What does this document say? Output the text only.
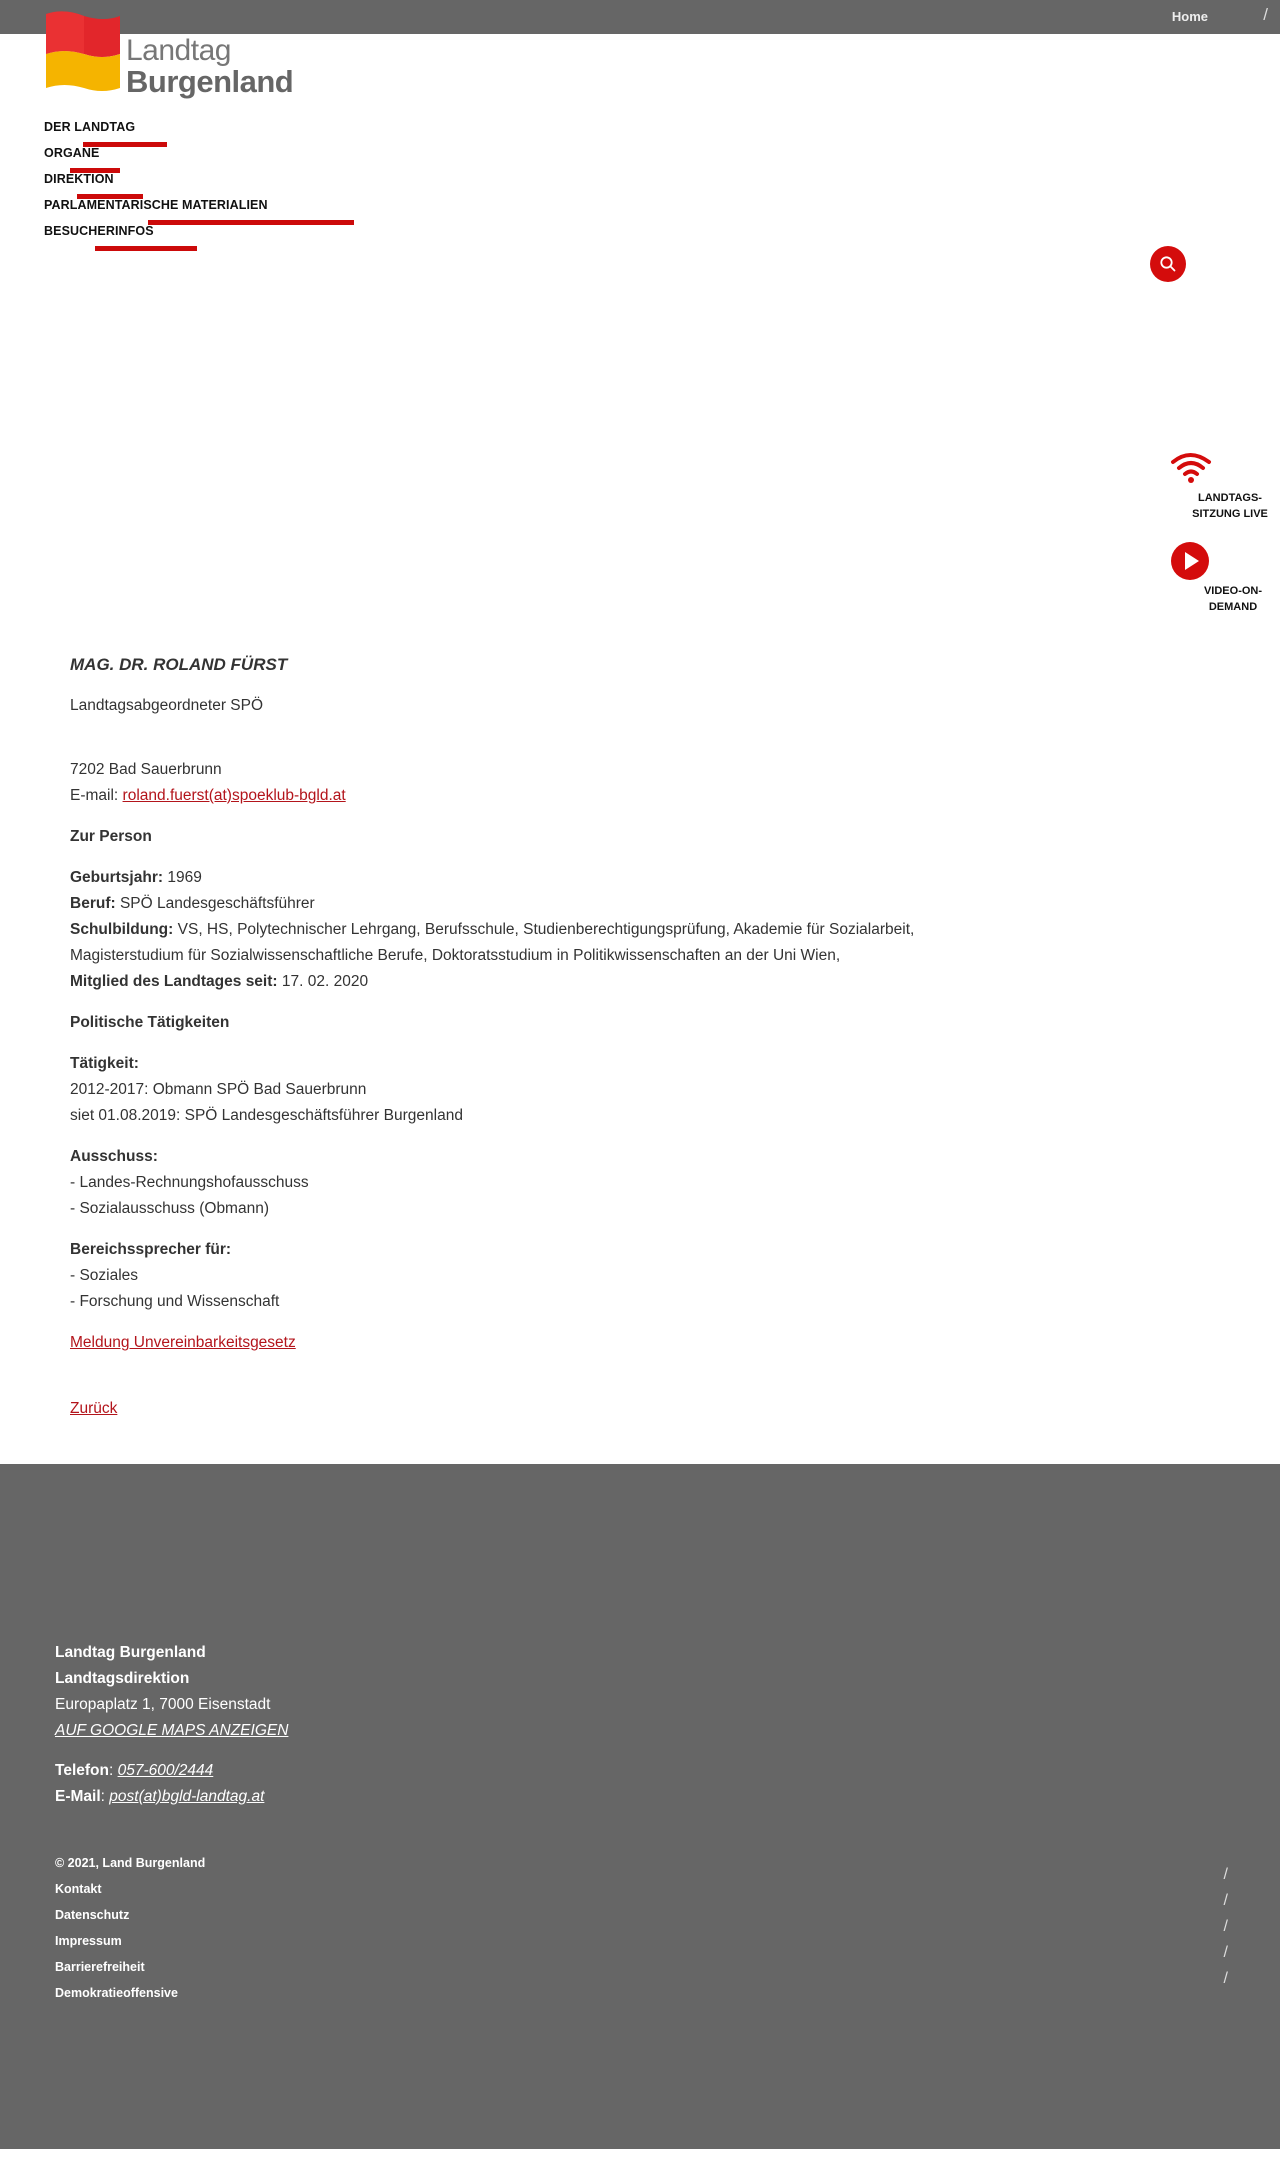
Home	/
Landtag
Burgenland
DER LANDTAG
ORGANE
DIREKTION
PARLAMENTARISCHE MATERIALIEN
BESUCHERINFOS
LANDTAGS-
SITZUNG LIVE
VIDEO-ON-
DEMAND

MAG. DR. ROLAND FÜRST

Landtagsabgeordneter SPÖ

7202 Bad Sauerbrunn
E-mail: roland.fuerst(at)spoeklub-bgld.at

Zur Person

Geburtsjahr: 1969
Beruf: SPÖ Landesgeschäftsführer
Schulbildung: VS, HS, Polytechnischer Lehrgang, Berufsschule, Studienberechtigungsprüfung, Akademie für Sozialarbeit,
Magisterstudium für Sozialwissenschaftliche Berufe, Doktoratsstudium in Politikwissenschaften an der Uni Wien,
Mitglied des Landtages seit: 17. 02. 2020

Politische Tätigkeiten

Tätigkeit:
2012-2017: Obmann SPÖ Bad Sauerbrunn
siet 01.08.2019: SPÖ Landesgeschäftsführer Burgenland

Ausschuss:
- Landes-Rechnungshofausschuss
- Sozialausschuss (Obmann)

Bereichssprecher für:
- Soziales
- Forschung und Wissenschaft

Meldung Unvereinbarkeitsgesetz

Zurück

Landtag Burgenland
Landtagsdirektion
Europaplatz 1, 7000 Eisenstadt
AUF GOOGLE MAPS ANZEIGEN
Telefon: 057-600/2444
E-Mail: post(at)bgld-landtag.at
© 2021, Land Burgenland
Kontakt
Datenschutz
Impressum
Barrierefreiheit
Demokratieoffensive
/
/
/
/
/
